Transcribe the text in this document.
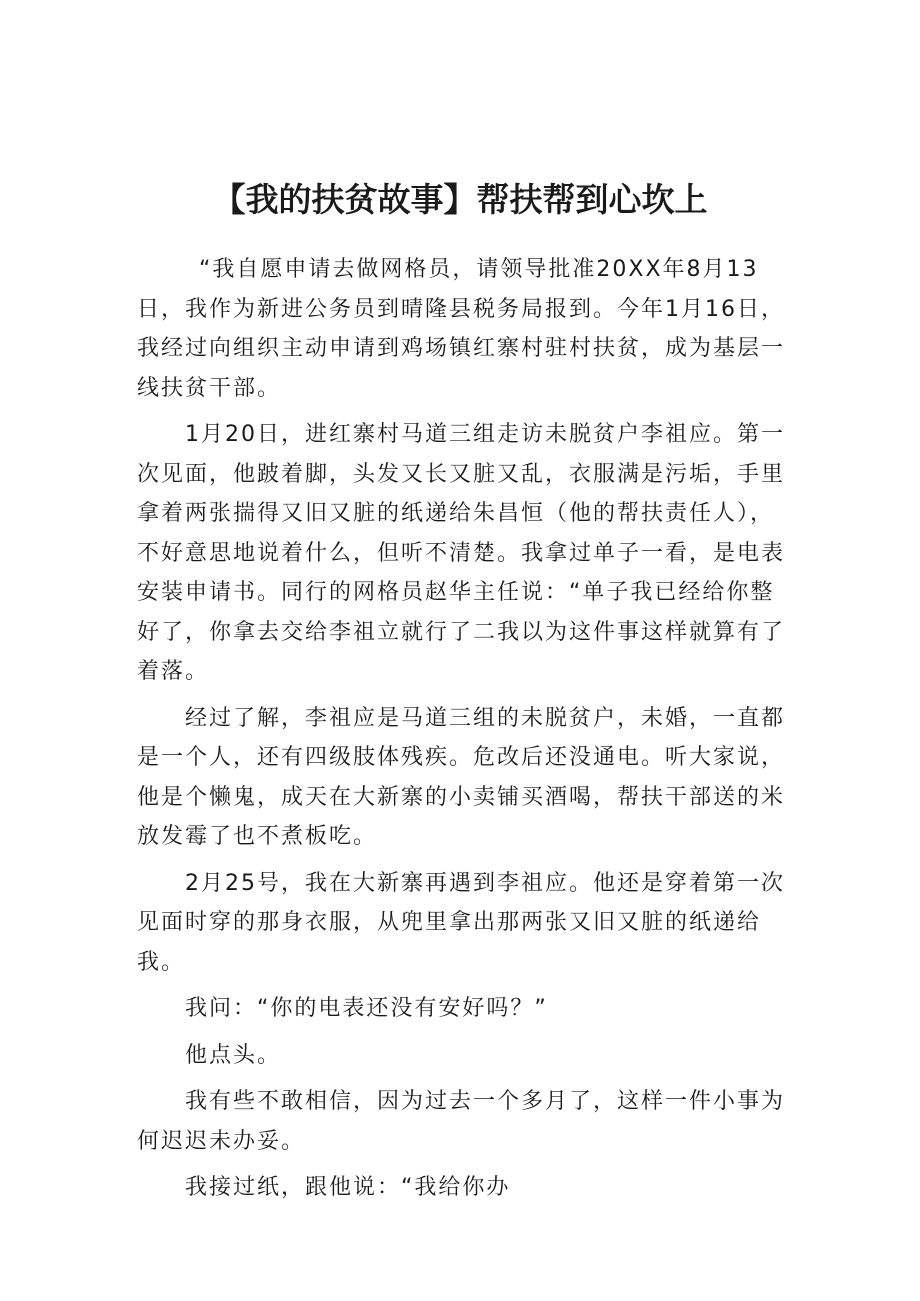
【我的扶贫故事】帮扶帮到心坎上

“我自愿申请去做网格员，请领导批准20XX年8月13日，我作为新进公务员到晴隆县税务局报到。今年1月16日，我经过向组织主动申请到鸡场镇红寨村驻村扶贫，成为基层一线扶贫干部。

1月20日，进红寨村马道三组走访未脱贫户李祖应。第一次见面，他跛着脚，头发又长又脏又乱，衣服满是污垢，手里拿着两张揣得又旧又脏的纸递给朱昌恒（他的帮扶责任人），不好意思地说着什么，但听不清楚。我拿过单子一看，是电表安装申请书。同行的网格员赵华主任说：“单子我已经给你整好了，你拿去交给李祖立就行了二我以为这件事这样就算有了着落。

经过了解，李祖应是马道三组的未脱贫户，未婚，一直都是一个人，还有四级肢体残疾。危改后还没通电。听大家说，他是个懒鬼，成天在大新寨的小卖铺买酒喝，帮扶干部送的米放发霉了也不煮板吃。

2月25号，我在大新寨再遇到李祖应。他还是穿着第一次见面时穿的那身衣服，从兜里拿出那两张又旧又脏的纸递给我。

我问：“你的电表还没有安好吗？”

他点头。

我有些不敢相信，因为过去一个多月了，这样一件小事为何迟迟未办妥。

我接过纸，跟他说：“我给你办
